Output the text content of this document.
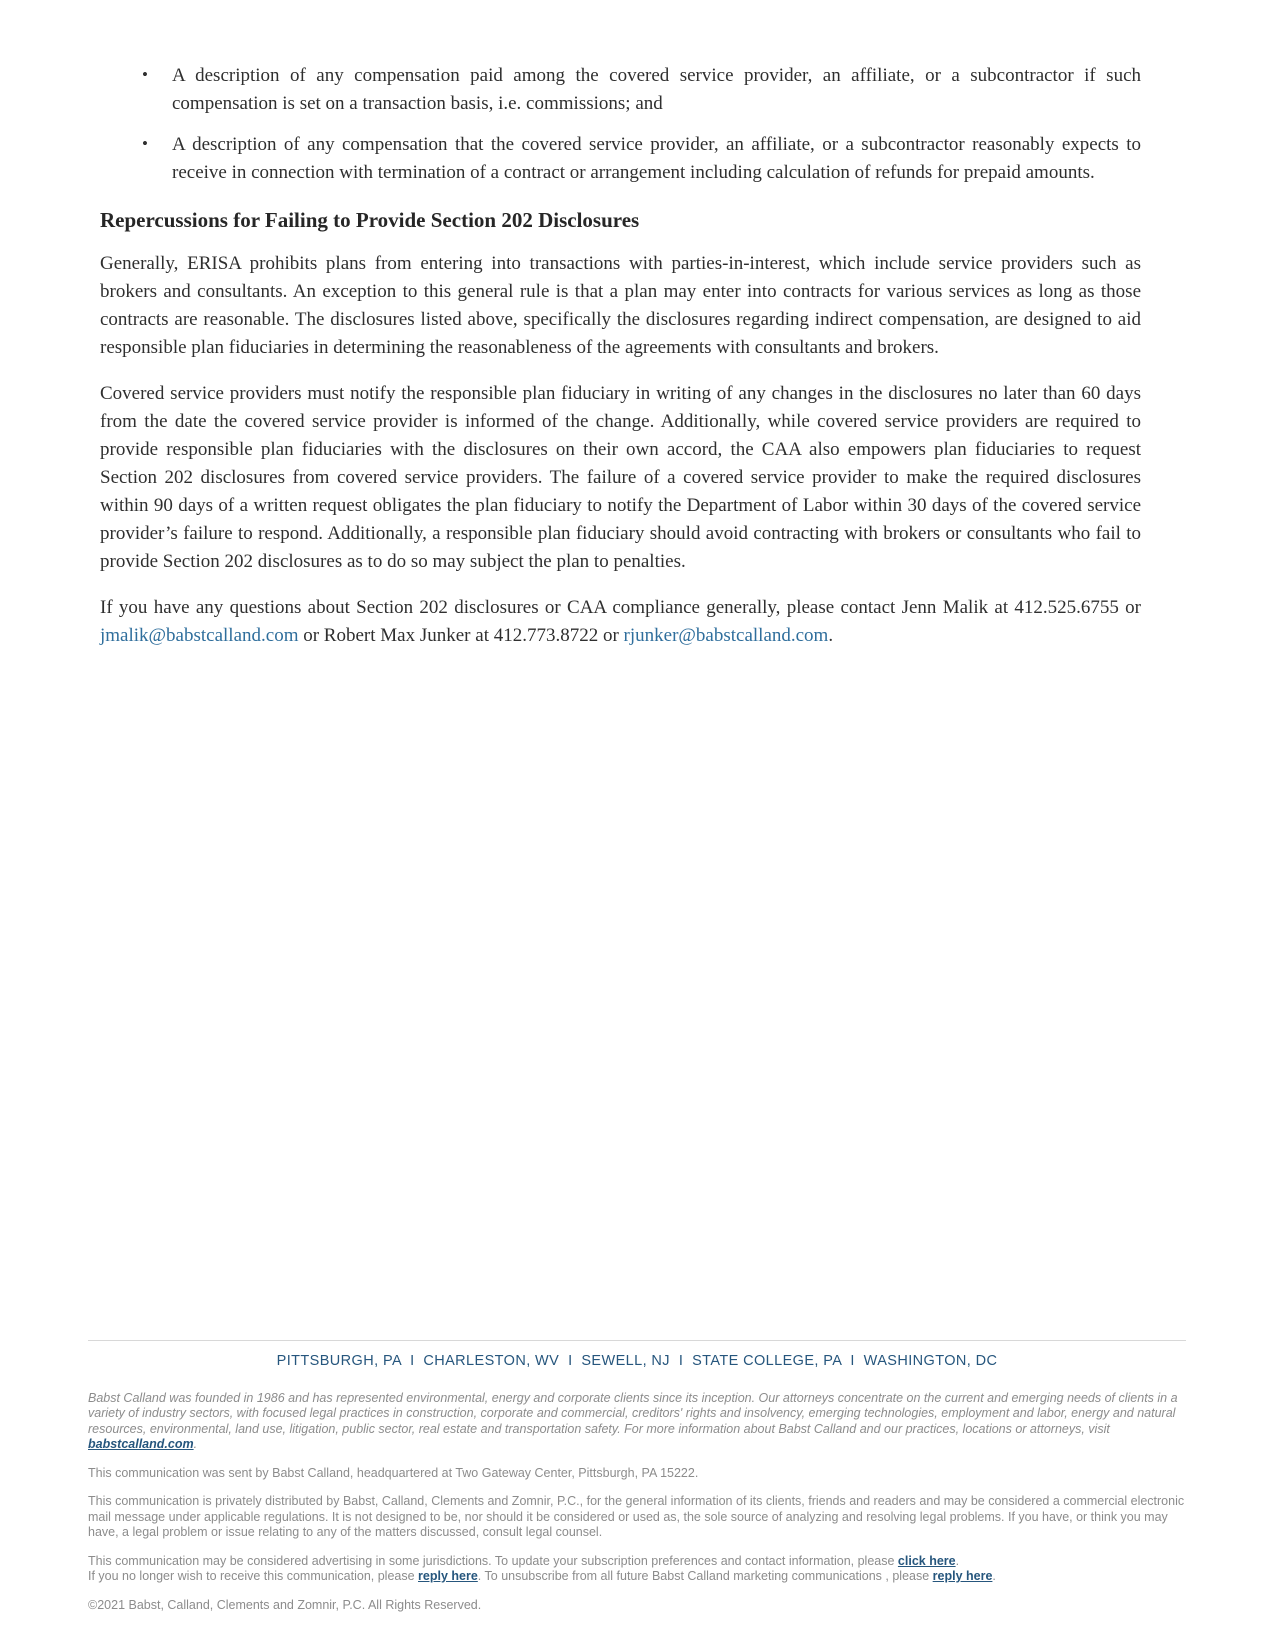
• A description of any compensation paid among the covered service provider, an affiliate, or a subcontractor if such compensation is set on a transaction basis, i.e. commissions; and
• A description of any compensation that the covered service provider, an affiliate, or a subcontractor reasonably expects to receive in connection with termination of a contract or arrangement including calculation of refunds for prepaid amounts.
Repercussions for Failing to Provide Section 202 Disclosures

Generally, ERISA prohibits plans from entering into transactions with parties-in-interest, which include service providers such as brokers and consultants. An exception to this general rule is that a plan may enter into contracts for various services as long as those contracts are reasonable. The disclosures listed above, specifically the disclosures regarding indirect compensation, are designed to aid responsible plan fiduciaries in determining the reasonableness of the agreements with consultants and brokers.

Covered service providers must notify the responsible plan fiduciary in writing of any changes in the disclosures no later than 60 days from the date the covered service provider is informed of the change. Additionally, while covered service providers are required to provide responsible plan fiduciaries with the disclosures on their own accord, the CAA also empowers plan fiduciaries to request Section 202 disclosures from covered service providers. The failure of a covered service provider to make the required disclosures within 90 days of a written request obligates the plan fiduciary to notify the Department of Labor within 30 days of the covered service provider’s failure to respond. Additionally, a responsible plan fiduciary should avoid contracting with brokers or consultants who fail to provide Section 202 disclosures as to do so may subject the plan to penalties.

If you have any questions about Section 202 disclosures or CAA compliance generally, please contact Jenn Malik at 412.525.6755 or jmalik@babstcalland.com or Robert Max Junker at 412.773.8722 or rjunker@babstcalland.com.

PITTSBURGH, PA  I  CHARLESTON, WV  I  SEWELL, NJ  I  STATE COLLEGE, PA  I  WASHINGTON, DC

Babst Calland was founded in 1986 and has represented environmental, energy and corporate clients since its inception. Our attorneys concentrate on the current and emerging needs of clients in a variety of industry sectors, with focused legal practices in construction, corporate and commercial, creditors' rights and insolvency, emerging technologies, employment and labor, energy and natural resources, environmental, land use, litigation, public sector, real estate and transportation safety. For more information about Babst Calland and our practices, locations or attorneys, visit babstcalland.com.

This communication was sent by Babst Calland, headquartered at Two Gateway Center, Pittsburgh, PA 15222.

This communication is privately distributed by Babst, Calland, Clements and Zomnir, P.C., for the general information of its clients, friends and readers and may be considered a commercial electronic mail message under applicable regulations. It is not designed to be, nor should it be considered or used as, the sole source of analyzing and resolving legal problems. If you have, or think you may have, a legal problem or issue relating to any of the matters discussed, consult legal counsel.

This communication may be considered advertising in some jurisdictions. To update your subscription preferences and contact information, please click here.
If you no longer wish to receive this communication, please reply here. To unsubscribe from all future Babst Calland marketing communications , please reply here.

©2021 Babst, Calland, Clements and Zomnir, P.C. All Rights Reserved.
